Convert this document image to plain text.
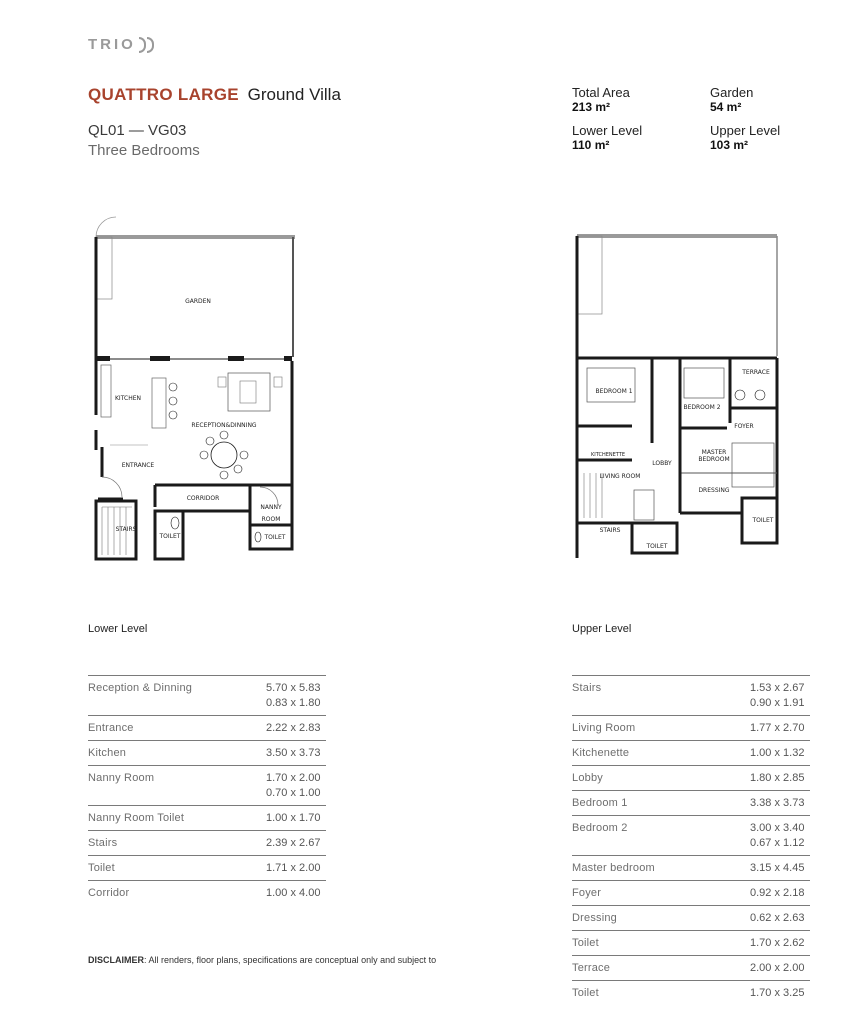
TRIO
QUATTRO LARGE Ground Villa
QL01 — VG03
Three Bedrooms
Total Area
213 m²
Garden
54 m²
Lower Level
110 m²
Upper Level
103 m²
GARDEN
KITCHEN
RECEPTION&DINNING
ENTRANCE
CORRIDOR
NANNY
ROOM
STAIRS
TOILET	TOILET
TERRACE
BEDROOM 1
BEDROOM 2
FOYER
KITCHENETTE	MASTER
BEDROOM
LOBBY
LIVING ROOM
DRESSING
STAIRS
TOILET
TOILET
Lower Level	Upper Level
Reception & Dinning	5.70 x 5.83
0.83 x 1.80

Entrance	2.22 x 2.83
Kitchen	3.50 x 3.73
Nanny Room	1.70 x 2.00
0.70 x 1.00

Nanny Room Toilet	1.00 x 1.70
Stairs	2.39 x 2.67
Toilet	1.71 x 2.00
Corridor	1.00 x 4.00
Stairs	1.53 x 2.67
0.90 x 1.91

Living Room	1.77 x 2.70
Kitchenette	1.00 x 1.32
Lobby	1.80 x 2.85
Bedroom 1	3.38 x 3.73
Bedroom 2	3.00 x 3.40
0.67 x 1.12

Master bedroom	3.15 x 4.45
Foyer	0.92 x 2.18
Dressing	0.62 x 2.63
Toilet	1.70 x 2.62
Terrace	2.00 x 2.00
Toilet	1.70 x 3.25
DISCLAIMER: All renders, floor plans, specifications are conceptual only and subject to
